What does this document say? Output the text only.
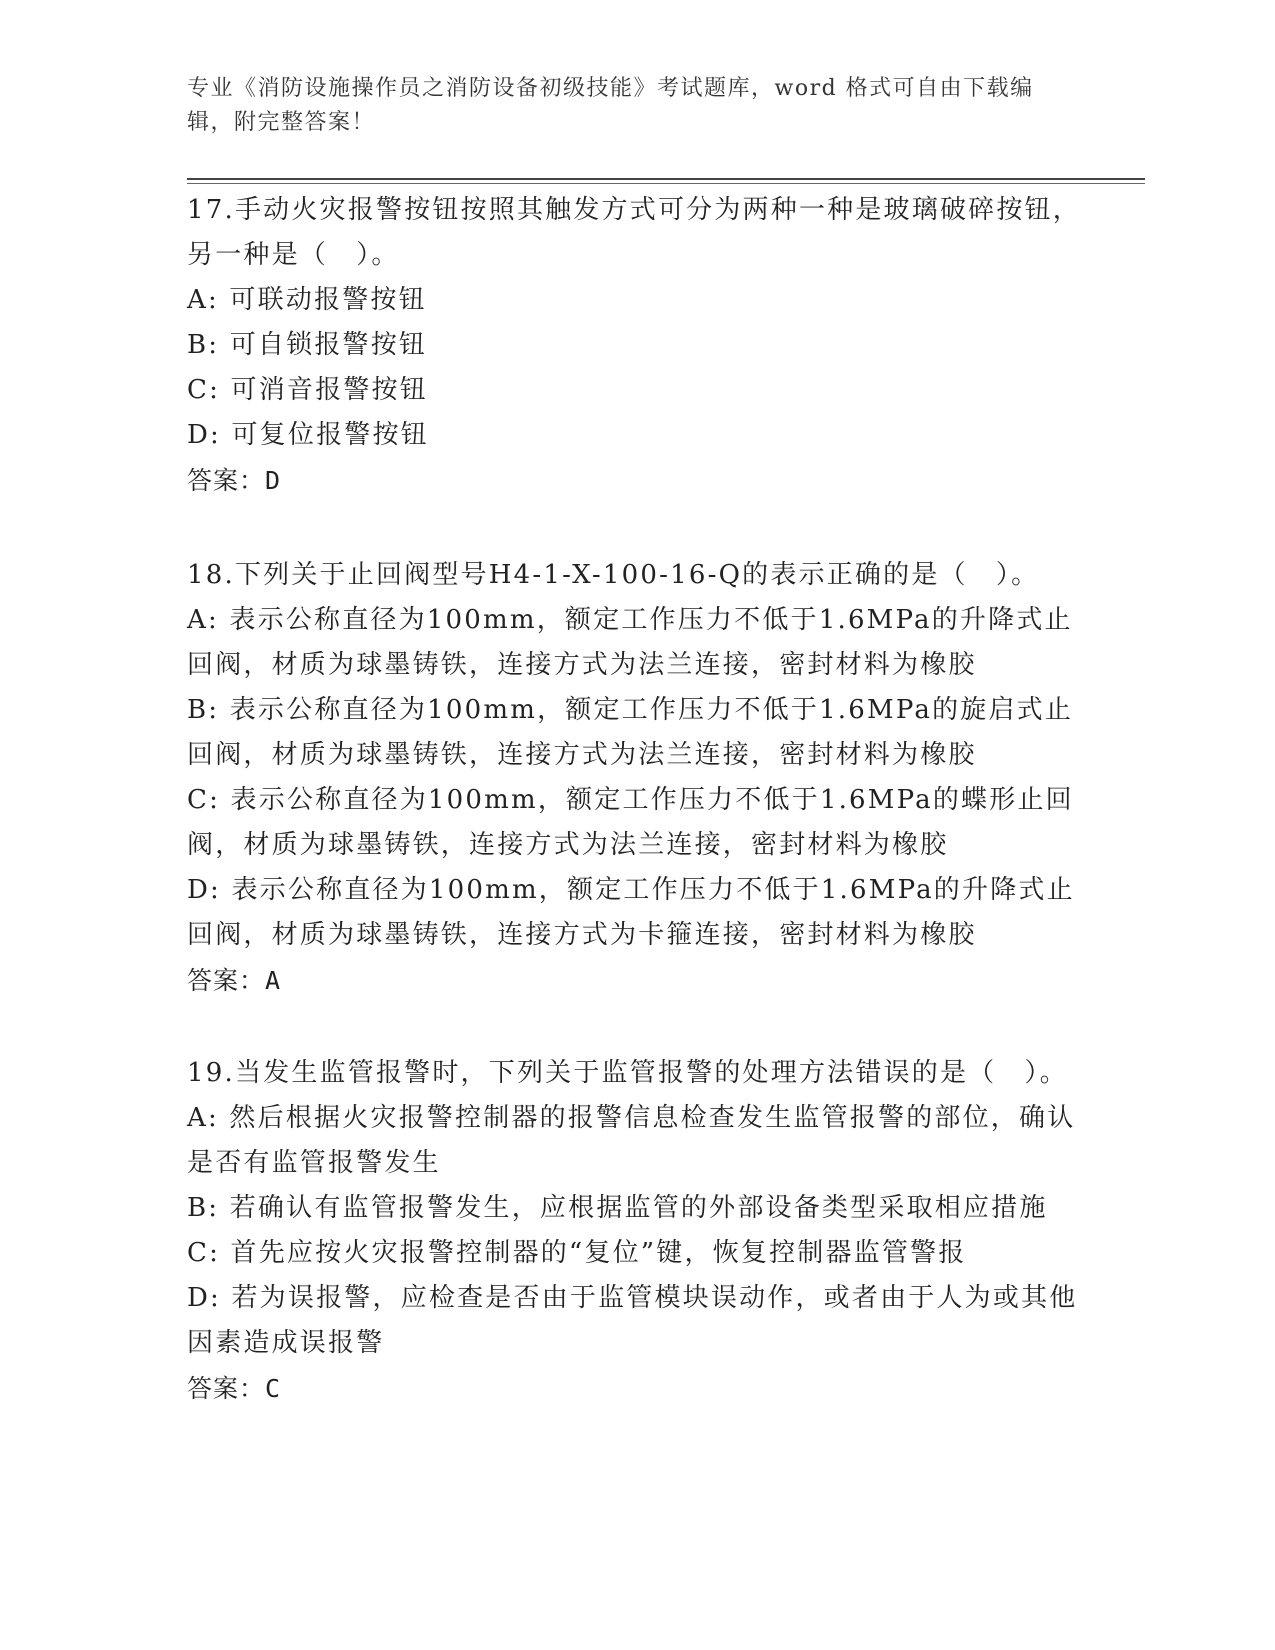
专业《消防设施操作员之消防设备初级技能》考试题库，word 格式可自由下载编辑，附完整答案！

17.手动火灾报警按钮按照其触发方式可分为两种一种是玻璃破碎按钮，另一种是（　）。

A: 可联动报警按钮

B: 可自锁报警按钮

C: 可消音报警按钮

D: 可复位报警按钮

答案：D

18.下列关于止回阀型号H4-1-X-100-16-Q的表示正确的是（　）。

A: 表示公称直径为100mm，额定工作压力不低于1.6MPa的升降式止回阀，材质为球墨铸铁，连接方式为法兰连接，密封材料为橡胶

B: 表示公称直径为100mm，额定工作压力不低于1.6MPa的旋启式止回阀，材质为球墨铸铁，连接方式为法兰连接，密封材料为橡胶

C: 表示公称直径为100mm，额定工作压力不低于1.6MPa的蝶形止回阀，材质为球墨铸铁，连接方式为法兰连接，密封材料为橡胶

D: 表示公称直径为100mm，额定工作压力不低于1.6MPa的升降式止回阀，材质为球墨铸铁，连接方式为卡箍连接，密封材料为橡胶

答案：A

19.当发生监管报警时，下列关于监管报警的处理方法错误的是（　）。

A: 然后根据火灾报警控制器的报警信息检查发生监管报警的部位，确认是否有监管报警发生

B: 若确认有监管报警发生，应根据监管的外部设备类型采取相应措施

C: 首先应按火灾报警控制器的“复位”键，恢复控制器监管警报

D: 若为误报警，应检查是否由于监管模块误动作，或者由于人为或其他因素造成误报警

答案：C
